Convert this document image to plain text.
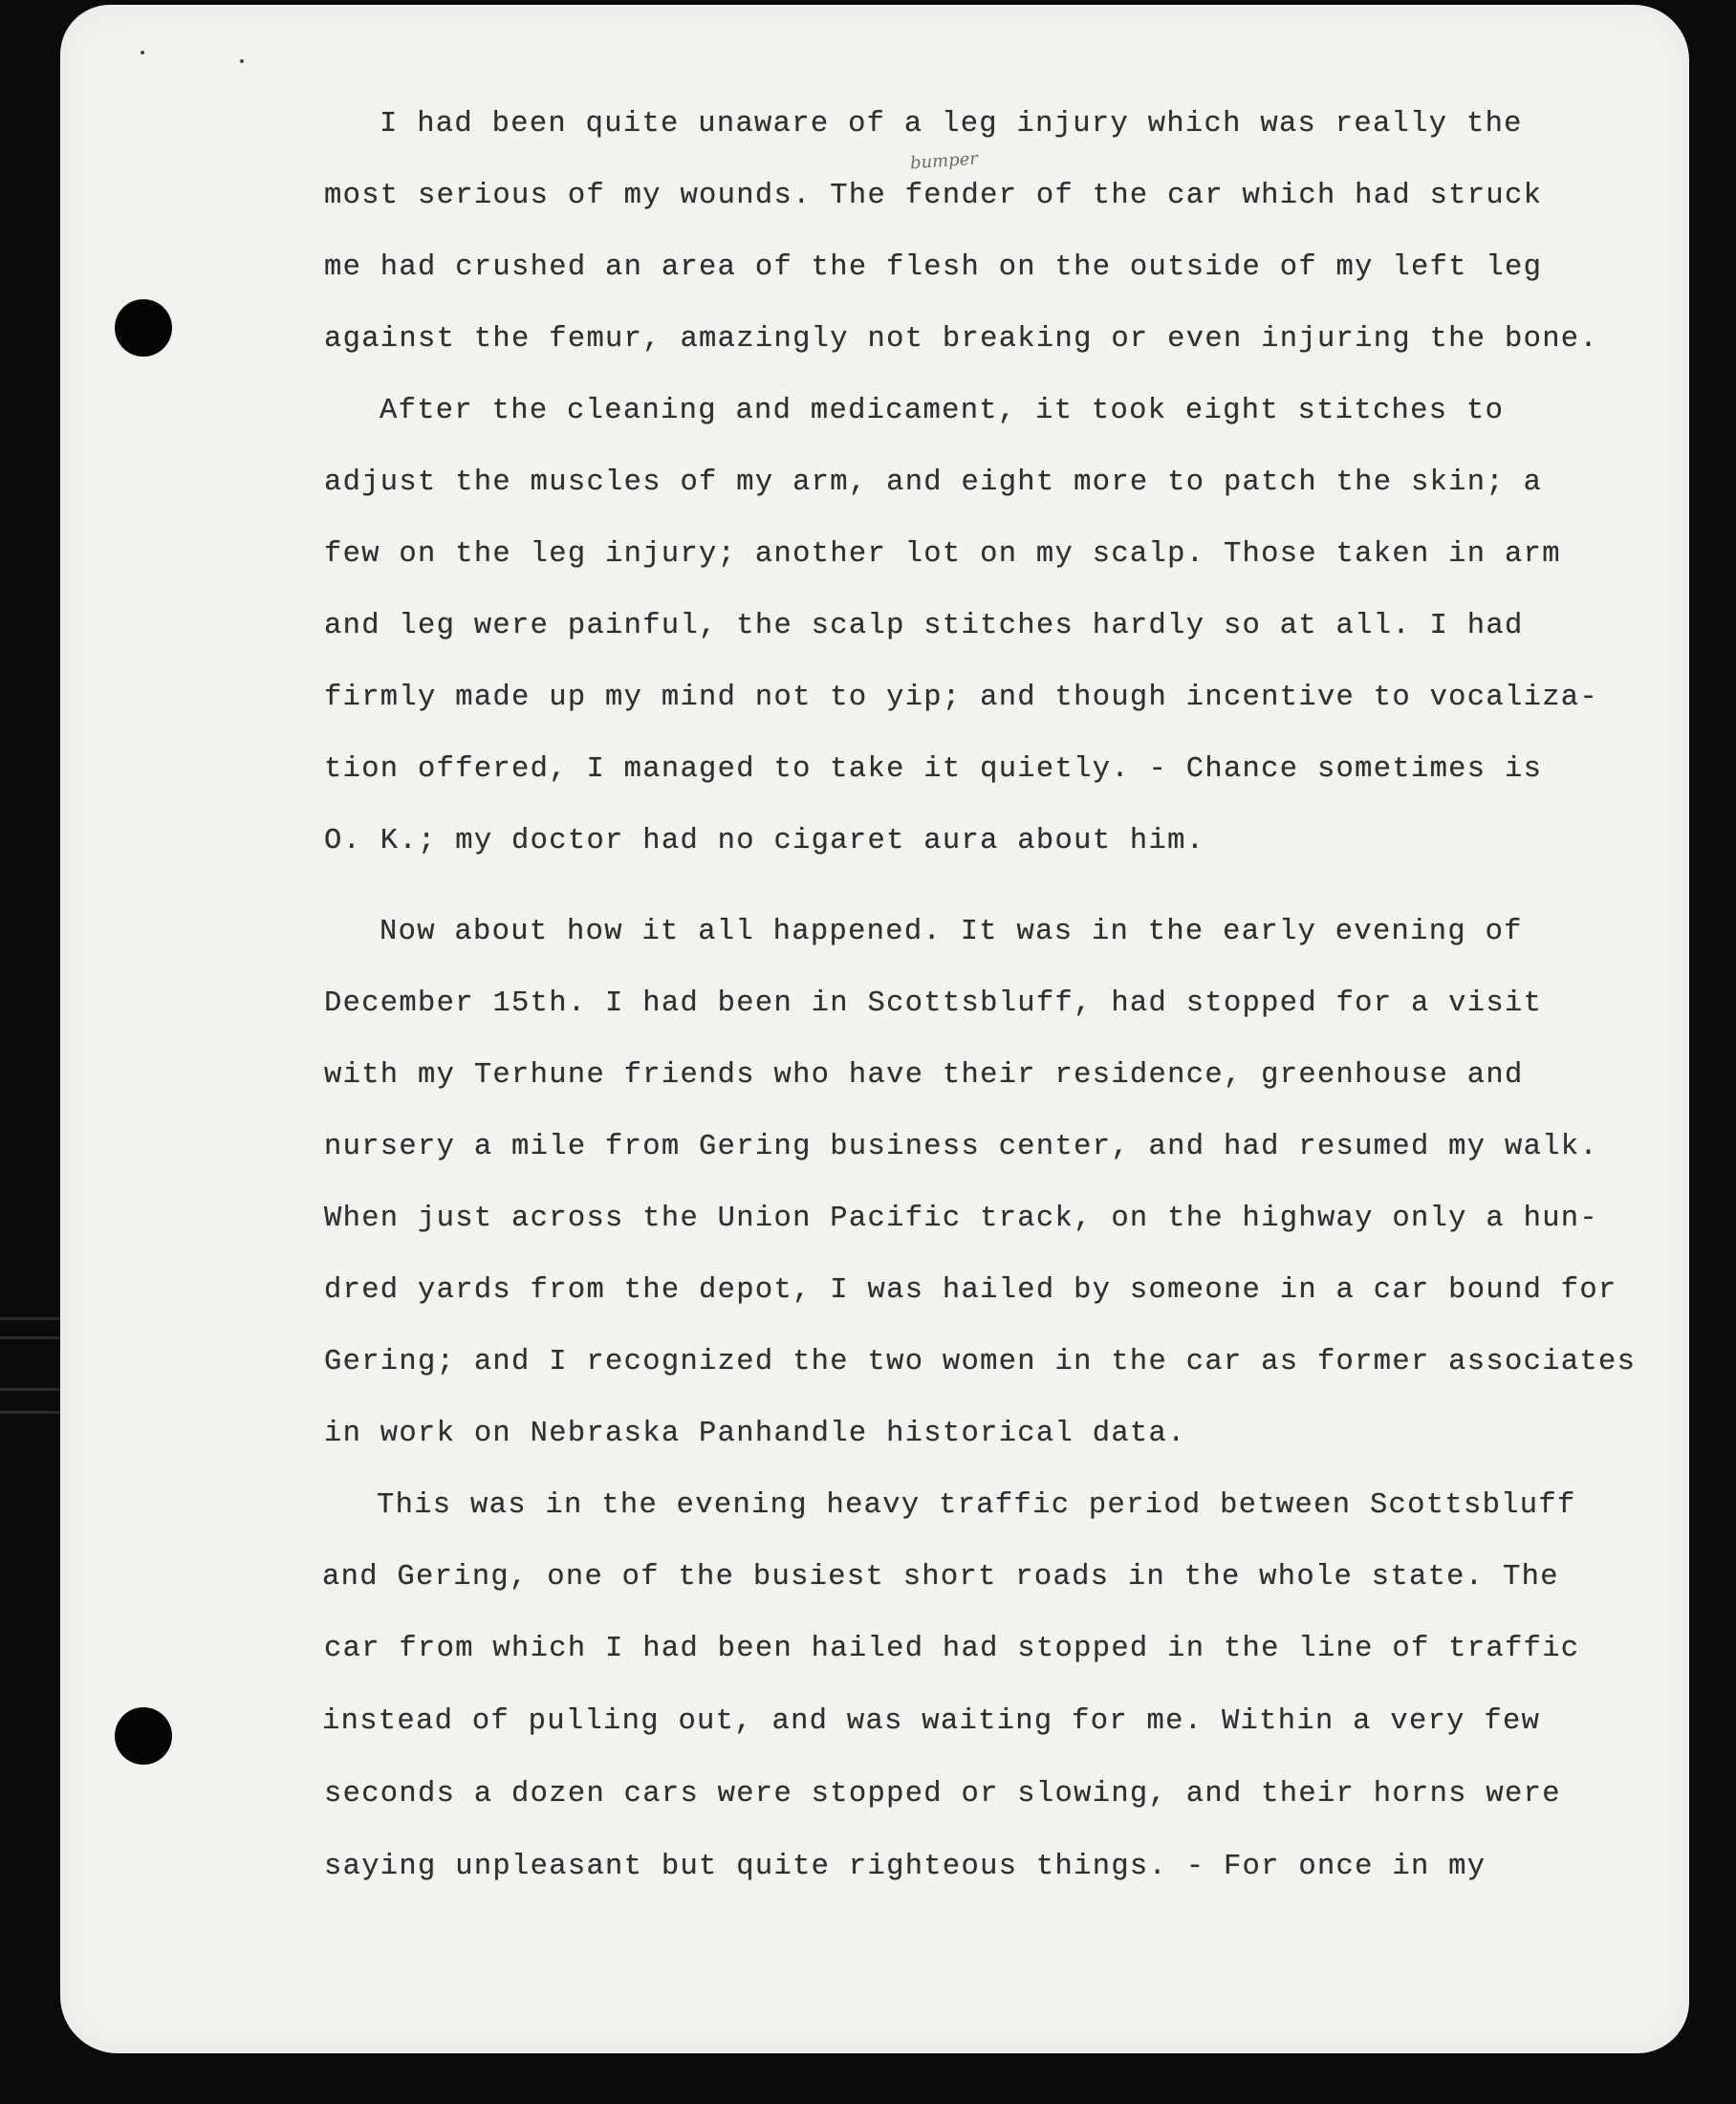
bumper
I had been quite unaware of a leg injury which was really the
most serious of my wounds. The fender of the car which had struck
me had crushed an area of the flesh on the outside of my left leg
against the femur, amazingly not breaking or even injuring the bone.
After the cleaning and medicament, it took eight stitches to
adjust the muscles of my arm, and eight more to patch the skin; a
few on the leg injury; another lot on my scalp. Those taken in arm
and leg were painful, the scalp stitches hardly so at all. I had
firmly made up my mind not to yip; and though incentive to vocaliza-
tion offered, I managed to take it quietly. - Chance sometimes is
O. K.; my doctor had no cigaret aura about him.
Now about how it all happened. It was in the early evening of
December 15th. I had been in Scottsbluff, had stopped for a visit
with my Terhune friends who have their residence, greenhouse and
nursery a mile from Gering business center, and had resumed my walk.
When just across the Union Pacific track, on the highway only a hun-
dred yards from the depot, I was hailed by someone in a car bound for
Gering; and I recognized the two women in the car as former associates
in work on Nebraska Panhandle historical data.
This was in the evening heavy traffic period between Scottsbluff
and Gering, one of the busiest short roads in the whole state. The
car from which I had been hailed had stopped in the line of traffic
instead of pulling out, and was waiting for me. Within a very few
seconds a dozen cars were stopped or slowing, and their horns were
saying unpleasant but quite righteous things. - For once in my
